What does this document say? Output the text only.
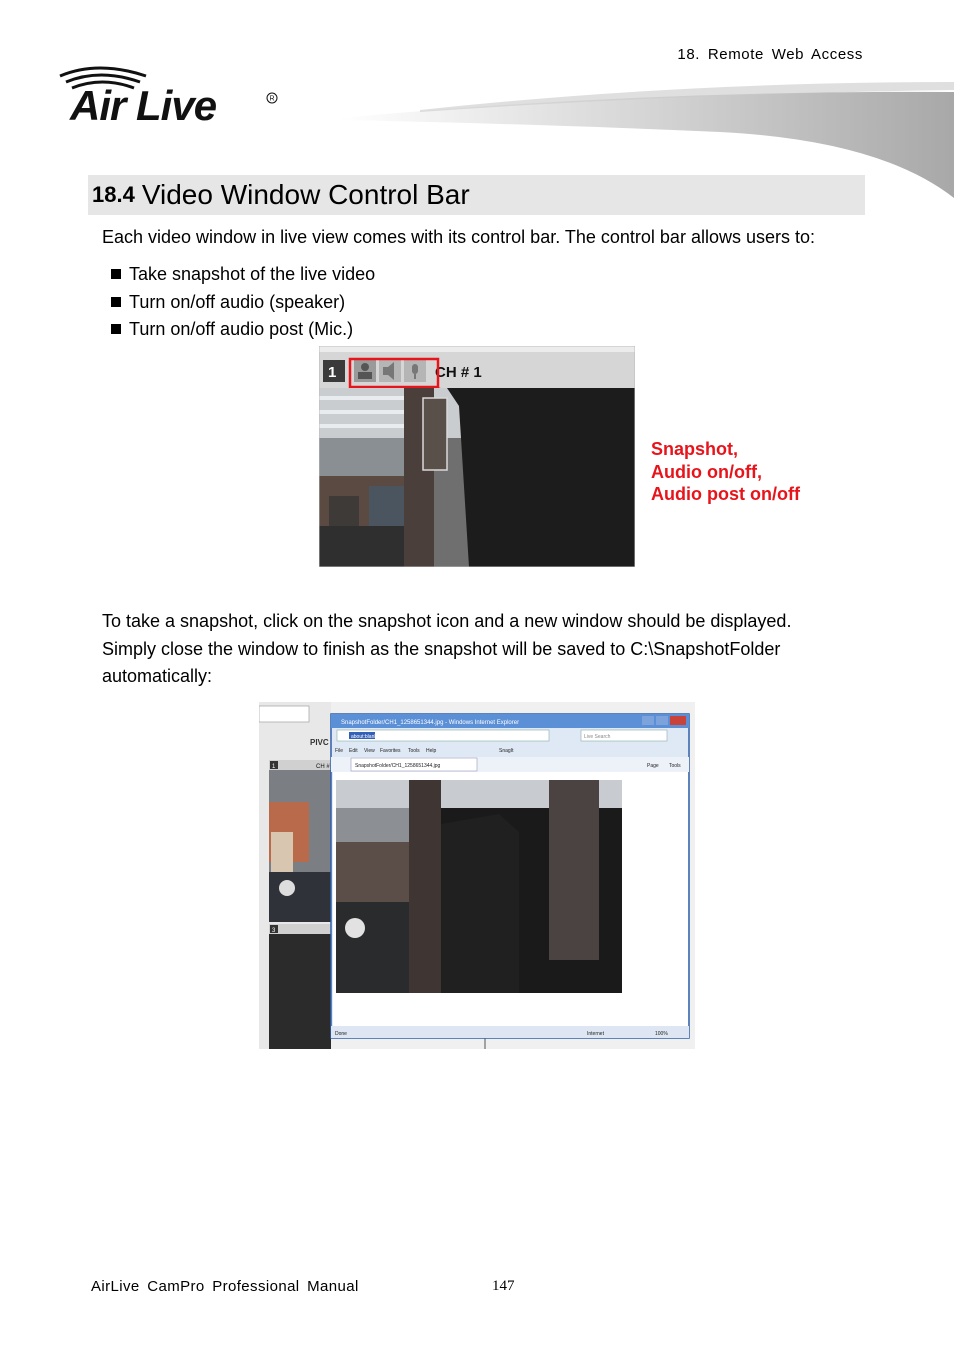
18. Remote Web Access
Air Live	R
18.4 Video Window Control Bar
Each video window in live view comes with its control bar. The control bar allows users to:
Take snapshot of the live video
Turn on/off audio (speaker)
Turn on/off audio post (Mic.)
1	CH # 1
Snapshot,
Audio on/off,
Audio post on/off
To take a snapshot, click on the snapshot icon and a new window should be displayed.
Simply close the window to finish as the snapshot will be saved to C:\SnapshotFolder
automatically:
PIVC
1	CH #
3
SnapshotFolder/CH1_1258651344.jpg - Windows Internet Explorer
about:blank	Live Search
File Edit View Favorites Tools Help	SnagIt
SnapshotFolder/CH1_1258651344.jpg	Page Tools
Done	Internet	100%
AirLive CamPro Professional Manual	147
